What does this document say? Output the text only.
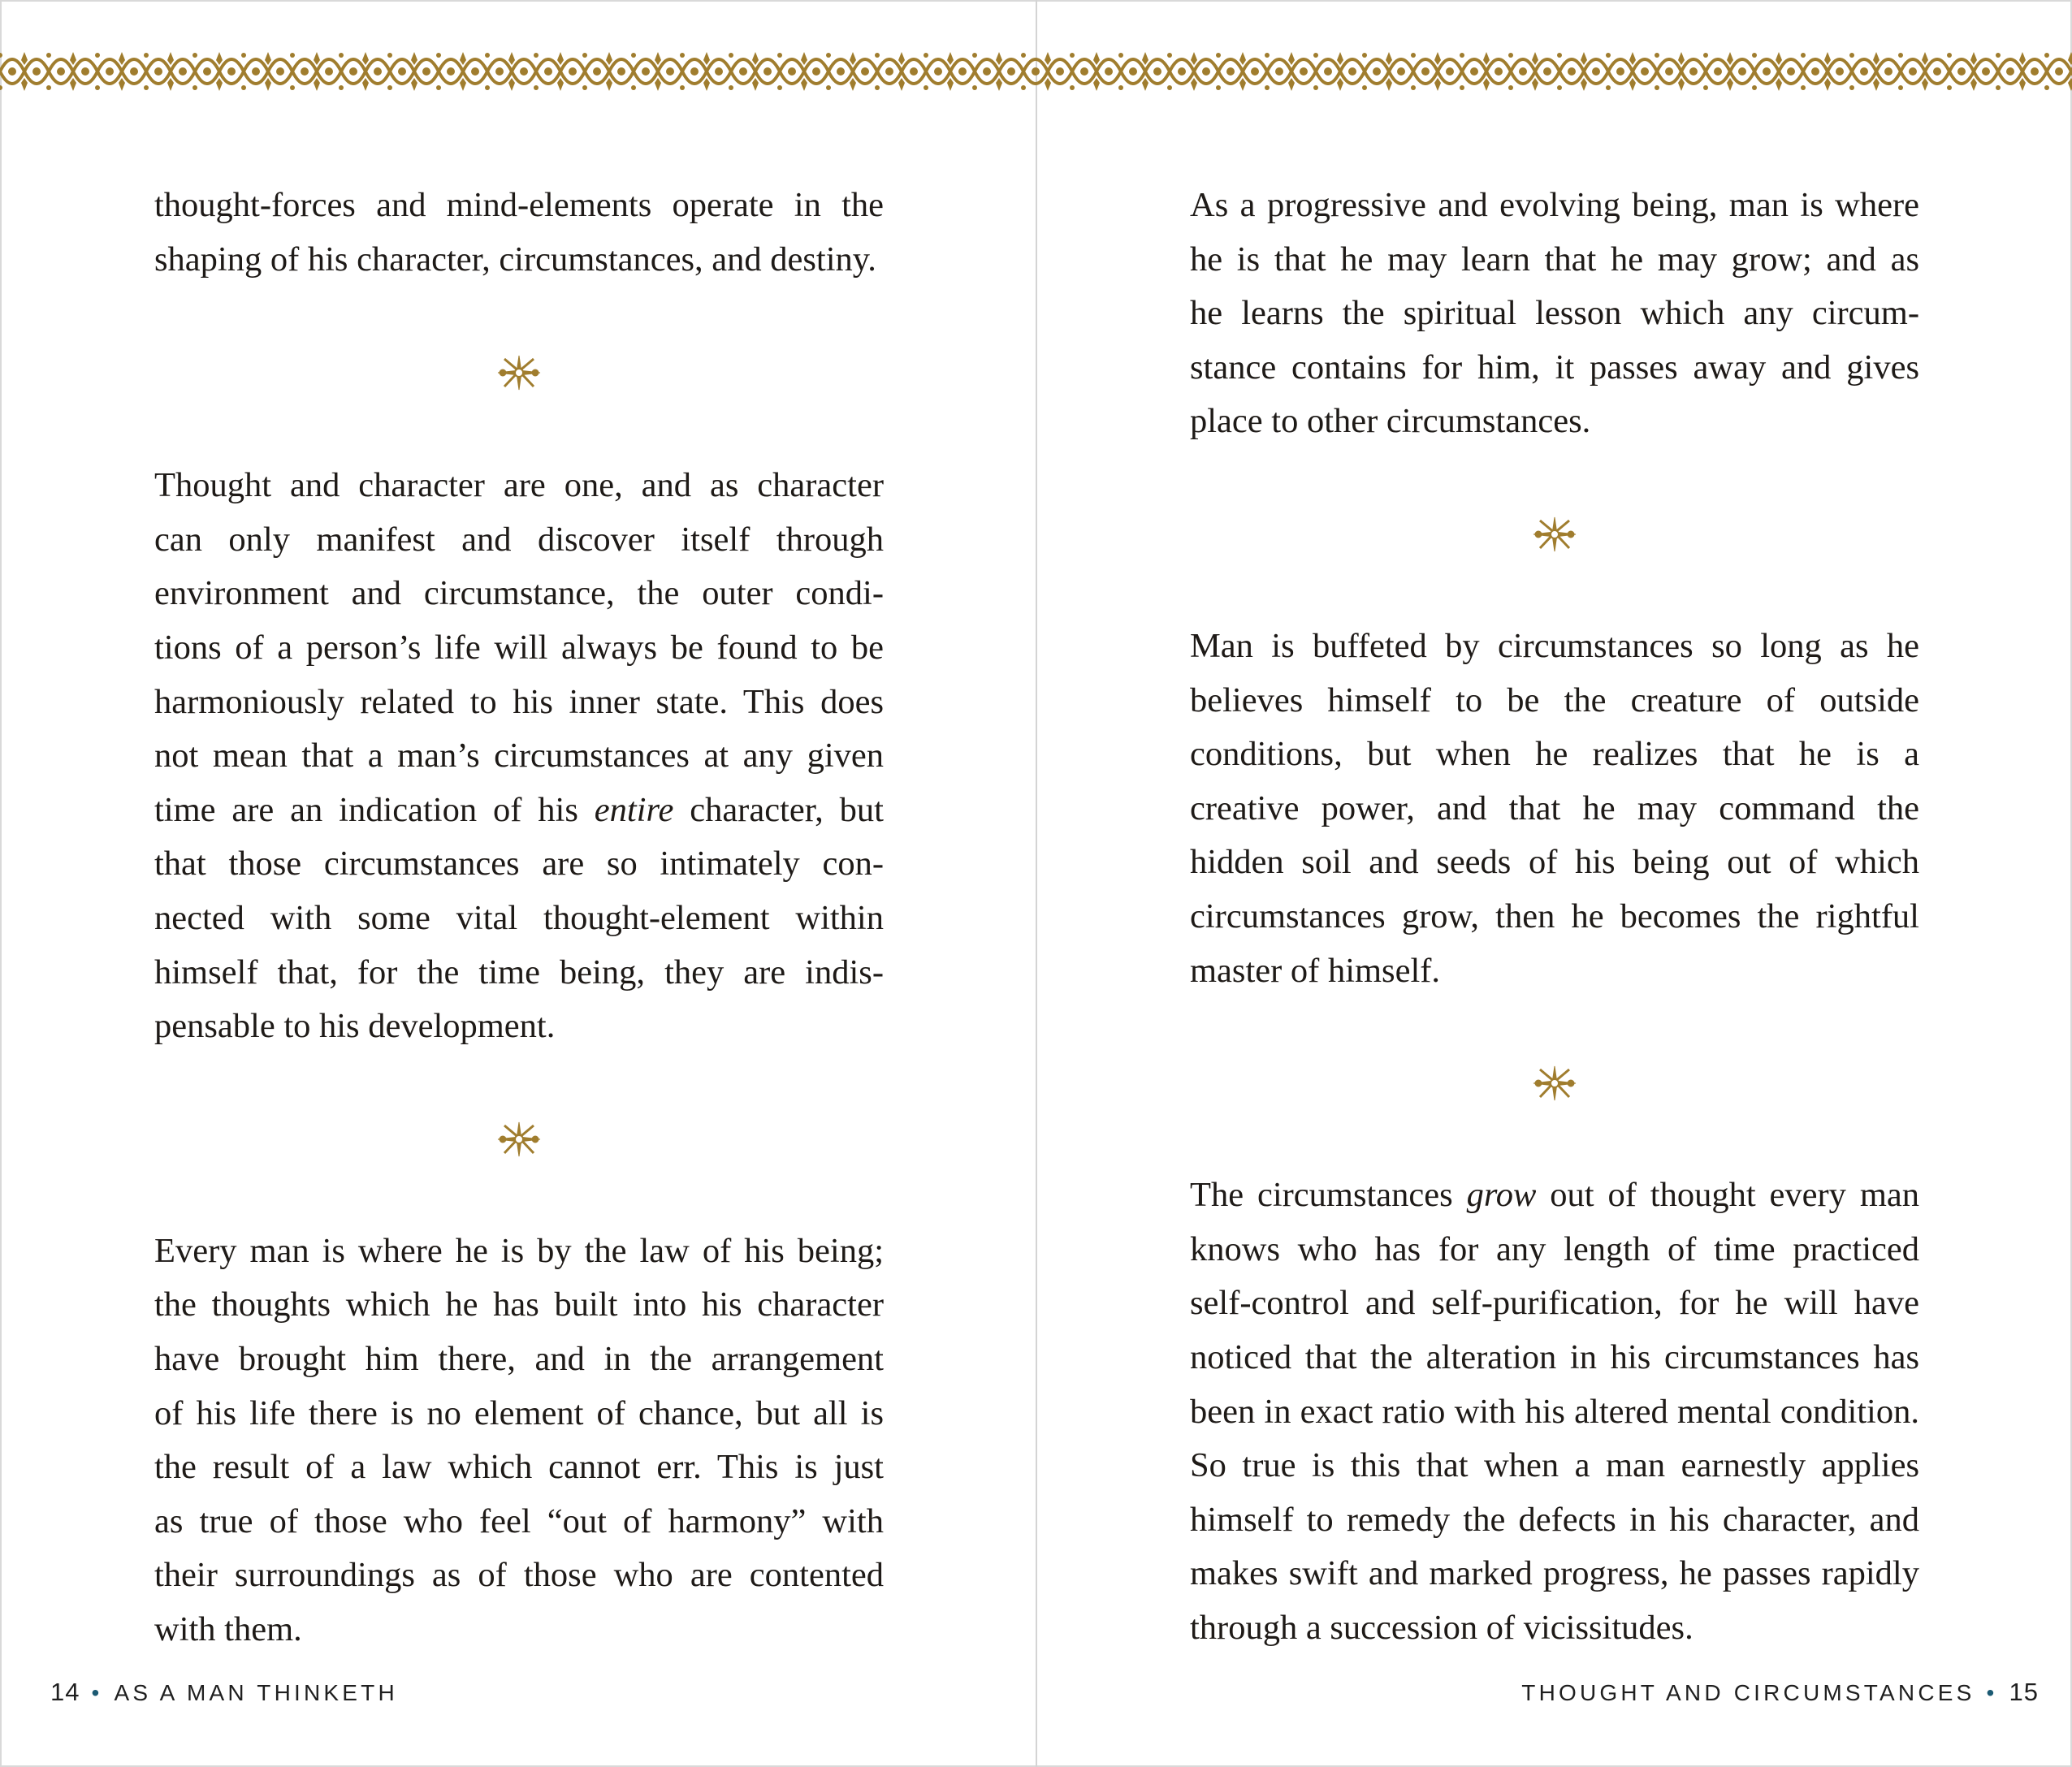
thought-forces and mind-elements operate in the
shaping of his character, circumstances, and destiny.

Thought and character are one, and as character
can only manifest and discover itself through
environment and circumstance, the outer condi-
tions of a person’s life will always be found to be
harmoniously related to his inner state. This does
not mean that a man’s circumstances at any given
time are an indication of his entire character, but
that those circumstances are so intimately con-
nected with some vital thought-element within
himself that, for the time being, they are indis-
pensable to his development.

Every man is where he is by the law of his being;
the thoughts which he has built into his character
have brought him there, and in the arrangement
of his life there is no element of chance, but all is
the result of a law which cannot err. This is just
as true of those who feel “out of harmony” with
their surroundings as of those who are contented
with them.

14 • AS A MAN THINKETH

As a progressive and evolving being, man is where
he is that he may learn that he may grow; and as
he learns the spiritual lesson which any circum-
stance contains for him, it passes away and gives
place to other circumstances.

Man is buffeted by circumstances so long as he
believes himself to be the creature of outside
conditions, but when he realizes that he is a
creative power, and that he may command the
hidden soil and seeds of his being out of which
circumstances grow, then he becomes the rightful
master of himself.

The circumstances grow out of thought every man
knows who has for any length of time practiced
self-control and self-purification, for he will have
noticed that the alteration in his circumstances has
been in exact ratio with his altered mental condition.
So true is this that when a man earnestly applies
himself to remedy the defects in his character, and
makes swift and marked progress, he passes rapidly
through a succession of vicissitudes.

THOUGHT AND CIRCUMSTANCES • 15
